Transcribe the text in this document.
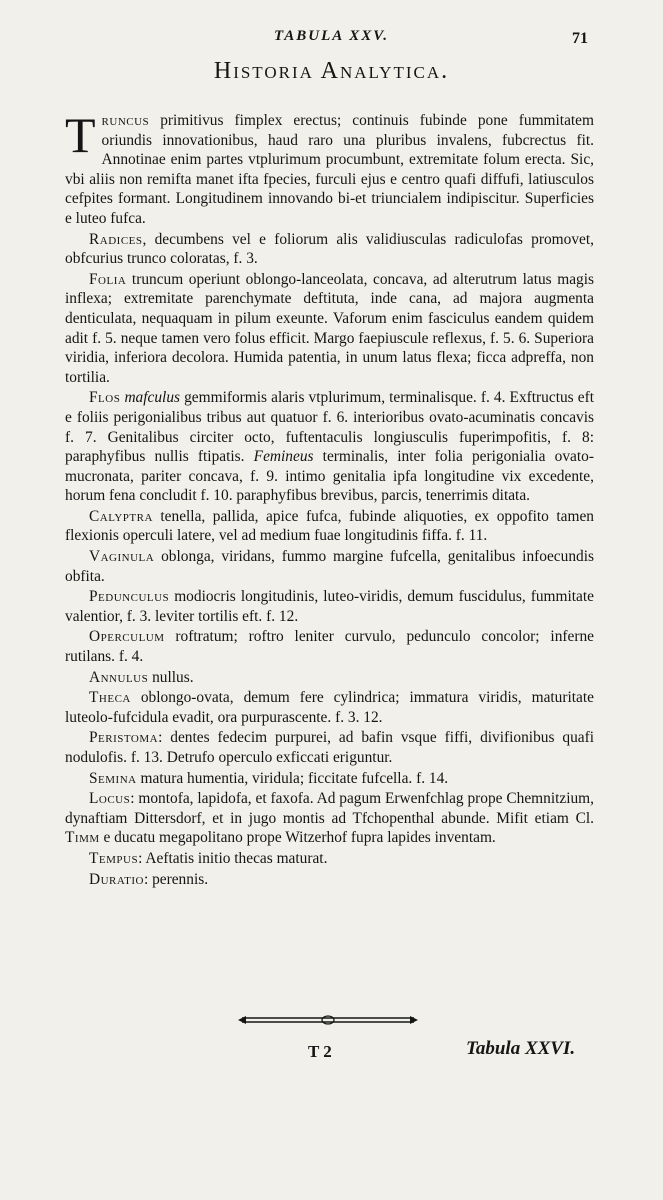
TABULA XXV.	71
Historia Analytica.

Truncus primitivus fimplex erectus; continuis fubinde pone fummitatem oriundis innovationibus, haud raro una pluribus invalens, fubcrectus fit. Annotinae enim partes vtplurimum procumbunt, extremitate folum erecta. Sic, vbi aliis non remifta manet ifta fpecies, furculi ejus e centro quafi diffufi, latiusculos cefpites formant. Longitudinem innovando bi-et triuncialem indipiscitur. Superficies e luteo fufca.

Radices, decumbens vel e foliorum alis validiusculas radiculofas promovet, obfcurius trunco coloratas, f. 3.

Folia truncum operiunt oblongo-lanceolata, concava, ad alterutrum latus magis inflexa; extremitate parenchymate deftituta, inde cana, ad majora augmenta denticulata, nequaquam in pilum exeunte. Vaforum enim fasciculus eandem quidem adit f. 5. neque tamen vero folus efficit. Margo faepiuscule reflexus, f. 5. 6. Superiora viridia, inferiora decolora. Humida patentia, in unum latus flexa; ficca adpreffa, non tortilia.

Flos mafculus gemmiformis alaris vtplurimum, terminalisque. f. 4. Exftructus eft e foliis perigonialibus tribus aut quatuor f. 6. interioribus ovato-acuminatis concavis f. 7. Genitalibus circiter octo, fuftentaculis longiusculis fuperimpofitis, f. 8: paraphyfibus nullis ftipatis. Femineus terminalis, inter folia perigonialia ovato-mucronata, pariter concava, f. 9. intimo genitalia ipfa longitudine vix excedente, horum fena concludit f. 10. paraphyfibus brevibus, parcis, tenerrimis ditata.

Calyptra tenella, pallida, apice fufca, fubinde aliquoties, ex oppofito tamen flexionis operculi latere, vel ad medium fuae longitudinis fiffa. f. 11.

Vaginula oblonga, viridans, fummo margine fufcella, genitalibus infoecundis obfita.

Pedunculus modiocris longitudinis, luteo-viridis, demum fuscidulus, fummitate valentior, f. 3. leviter tortilis eft. f. 12.

Operculum roftratum; roftro leniter curvulo, pedunculo concolor; inferne rutilans. f. 4.

Annulus nullus.

Theca oblongo-ovata, demum fere cylindrica; immatura viridis, maturitate luteolo-fufcidula evadit, ora purpurascente. f. 3. 12.

Peristoma: dentes fedecim purpurei, ad bafin vsque fiffi, divifionibus quafi nodulofis. f. 13. Detrufo operculo exficcati eriguntur.

Semina matura humentia, viridula; ficcitate fufcella. f. 14.

Locus: montofa, lapidofa, et faxofa. Ad pagum Erwenfchlag prope Chemnitzium, dynaftiam Dittersdorf, et in jugo montis ad Tfchopenthal abunde. Mifit etiam Cl. Timm e ducatu megapolitano prope Witzerhof fupra lapides inventam.

Tempus: Aeftatis initio thecas maturat.

Duratio: perennis.

T 2	Tabula XXVI.
